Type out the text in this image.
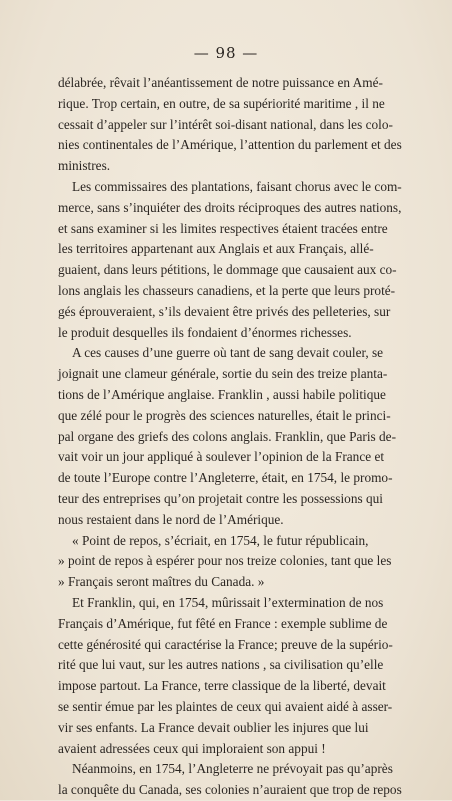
— 98 —
délabrée, rêvait l’anéantissement de notre puissance en Amé-
rique. Trop certain, en outre, de sa supériorité maritime , il ne
cessait d’appeler sur l’intérêt soi-disant national, dans les colo-
nies continentales de l’Amérique, l’attention du parlement et des
ministres.
Les commissaires des plantations, faisant chorus avec le com-
merce, sans s’inquiéter des droits réciproques des autres nations,
et sans examiner si les limites respectives étaient tracées entre
les territoires appartenant aux Anglais et aux Français, allé-
guaient, dans leurs pétitions, le dommage que causaient aux co-
lons anglais les chasseurs canadiens, et la perte que leurs proté-
gés éprouveraient, s’ils devaient être privés des pelleteries, sur
le produit desquelles ils fondaient d’énormes richesses.
A ces causes d’une guerre où tant de sang devait couler, se
joignait une clameur générale, sortie du sein des treize planta-
tions de l’Amérique anglaise. Franklin , aussi habile politique
que zélé pour le progrès des sciences naturelles, était le princi-
pal organe des griefs des colons anglais. Franklin, que Paris de-
vait voir un jour appliqué à soulever l’opinion de la France et
de toute l’Europe contre l’Angleterre, était, en 1754, le promo-
teur des entreprises qu’on projetait contre les possessions qui
nous restaient dans le nord de l’Amérique.
« Point de repos, s’écriait, en 1754, le futur républicain,
» point de repos à espérer pour nos treize colonies, tant que les
» Français seront maîtres du Canada. »
Et Franklin, qui, en 1754, mûrissait l’extermination de nos
Français d’Amérique, fut fêté en France : exemple sublime de
cette générosité qui caractérise la France; preuve de la supério-
rité que lui vaut, sur les autres nations , sa civilisation qu’elle
impose partout. La France, terre classique de la liberté, devait
se sentir émue par les plaintes de ceux qui avaient aidé à asser-
vir ses enfants. La France devait oublier les injures que lui
avaient adressées ceux qui imploraient son appui !
Néanmoins, en 1754, l’Angleterre ne prévoyait pas qu’après
la conquête du Canada, ses colonies n’auraient que trop de repos
